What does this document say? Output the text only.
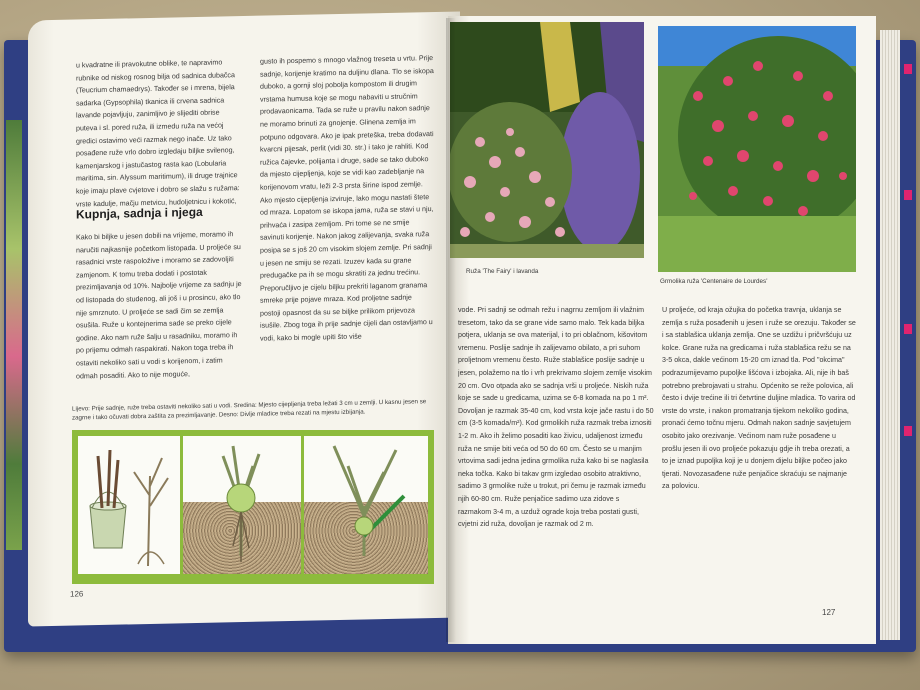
u kvadratne ili pravokutne oblike, te napravimo rubnike od niskog rosnog bilja od sadnica dubačca (Teucrium chamaedrys). Također se i mrena, bijela sadarka (Gypsophila) tkanica ili crvena sadnica lavande pojavljuju, zanimljivo je slijediti obrise puteva i sl. pored ruža, ili izmedu ruža na većoj gredici ostavimo veći razmak nego inače. Uz tako posađene ruže vrlo dobro izgledaju biljke svilenog, kamenjarskog i jastučastog rasta kao (Lobularia maritima, sin. Alyssum maritimum), ili druge trajnice koje imaju plave cvjetove i dobro se slažu s ružama: vrste kadulje, mačju metvicu, hudoljetnicu i kokotić,
Kupnja, sadnja i njega
Kako bi biljke u jesen dobili na vrijeme, moramo ih naručiti najkasnije početkom listopada. U proljeće su rasadnici vrste raspoložive i moramo se zadovoljiti zamjenom. K tomu treba dodati i postotak prezimljavanja od 10%. Najbolje vrijeme za sadnju je od listopada do studenog, ali još i u prosincu, ako tlo nije smrznuto. U proljeće se sadi čim se zemlja osušila. Ruže u kontejnerima sade se preko cijele godine. Ako nam ruže šalju u rasadniku, moramo ih po prijemu odmah raspakirati. Nakon toga treba ih ostaviti nekoliko sati u vodi s korijenom, i zatim odmah posaditi. Ako to nije moguće,
gusto ih pospemo s mnogo vlažnog treseta u vrtu. Prije sadnje, korijenje kratimo na duljinu dlana. Tlo se iskopa duboko, a gornji sloj pobolja kompostom ili drugim vrstama humusa koje se mogu nabaviti u stručnim prodavaonicama. Tada se ruže u pravilu nakon sadnje ne moramo brinuti za gnojenje. Glinena zemlja im potpuno odgovara. Ako je ipak preteška, treba dodavati kvarcni pijesak, perlit (vidi 30. str.) i tako je rahliti. Kod ružica čajevke, polijanta i druge, sade se tako duboko da mjesto cijepljenja, koje se vidi kao zadebljanje na korijenovom vratu, leži 2-3 prsta širine ispod zemlje. Ako mjesto cijepljenja izviruje, lako mogu nastati štete od mraza. Lopatom se iskopa jama, ruža se stavi u nju, prihvaća i zasipa zemljom. Pri tome se ne smije savinuti korijenje. Nakon jakog zalijevanja, svaka ruža posipa se s još 20 cm visokim slojem zemlje. Pri sadnji u jesen ne smiju se rezati. Izuzev kada su grane predugačke pa ih se mogu skratiti za jednu trećinu. Preporučljivo je cijelu biljku prekriti laganom granama smreke prije pojave mraza. Kod proljetne sadnje postoji opasnost da su se biljke prilikom prijevoza isušile. Zbog toga ih prije sadnje cijeli dan ostavljamo u vodi, kako bi mogle upiti što više
Lijevo: Prije sadnje, ruže treba ostaviti nekoliko sati u vodi. Sredina: Mjesto cijepljenja treba ležati 3 cm u zemlji. U kasnu jesen se zagrne i tako očuvati dobra zaštita za prezimljavanje. Desno: Divlje mladice treba rezati na mjestu izbijanja.
126
Ruža 'The Fairy' i lavanda
Grmolika ruža 'Centenaire de Lourdes'
vode. Pri sadnji se odmah režu i nagrnu zemljom ili vlažnim tresetom, tako da se grane vide samo malo. Tek kada biljka potjera, uklanja se ova materijal, i to pri oblačnom, kišovitom vremenu. Poslije sadnje ih zalijevamo obilato, a pri suhom proljetnom vremenu često. Ruže stablašice poslije sadnje u jesen, polažemo na tlo i vrh prekrivamo slojem zemlje visokim 20 cm. Ovo otpada ako se sadnja vrši u proljeće. Niskih ruža koje se sade u gredicama, uzima se 6-8 komada na po 1 m². Dovoljan je razmak 35-40 cm, kod vrsta koje jače rastu i do 50 cm (3-5 komada/m²). Kod grmolikih ruža razmak treba iznositi 1-2 m. Ako ih želimo posaditi kao živicu, udaljenost između ruža ne smije biti veća od 50 do 60 cm. Često se u manjim vrtovima sadi jedna jedina grmolika ruža kako bi se naglasila neka točka. Kako bi takav grm izgledao osobito atraktivno, sadimo 3 grmolike ruže u trokut, pri čemu je razmak između njih 60-80 cm. Ruže penjačice sadimo uza zidove s razmakom 3-4 m, a uzduž ograde koja treba postati gusti, cvjetni zid ruža, dovoljan je razmak od 2 m.
U proljeće, od kraja ožujka do početka travnja, uklanja se zemlja s ruža posađenih u jesen i ruže se orezuju. Također se i sa stablašica uklanja zemlja. One se uzdižu i pričvršćuju uz kolce. Grane ruža na gredicama i ruža stablašica režu se na 3-5 okca, dakle većinom 15-20 cm iznad tla. Pod "okcima" podrazumijevamo pupoljke lišćova i izbojaka. Ali, nije ih baš potrebno prebrojavati u strahu. Općenito se reže polovica, ali često i dvije trećine ili tri četvrtine duljine mladica. To varira od vrste do vrste, i nakon promatranja tijekom nekoliko godina, pronaći ćemo točnu mjeru. Odmah nakon sadnje savjetujem osobito jako orezivanje. Većinom nam ruže posađene u prošlu jesen ili ovo proljeće pokazuju gdje ih treba orezati, a to je iznad pupoljka koji je u donjem dijelu biljke počeo jako tjerati. Novozasađene ruže penjačice skraćuju se najmanje za polovicu.
127
